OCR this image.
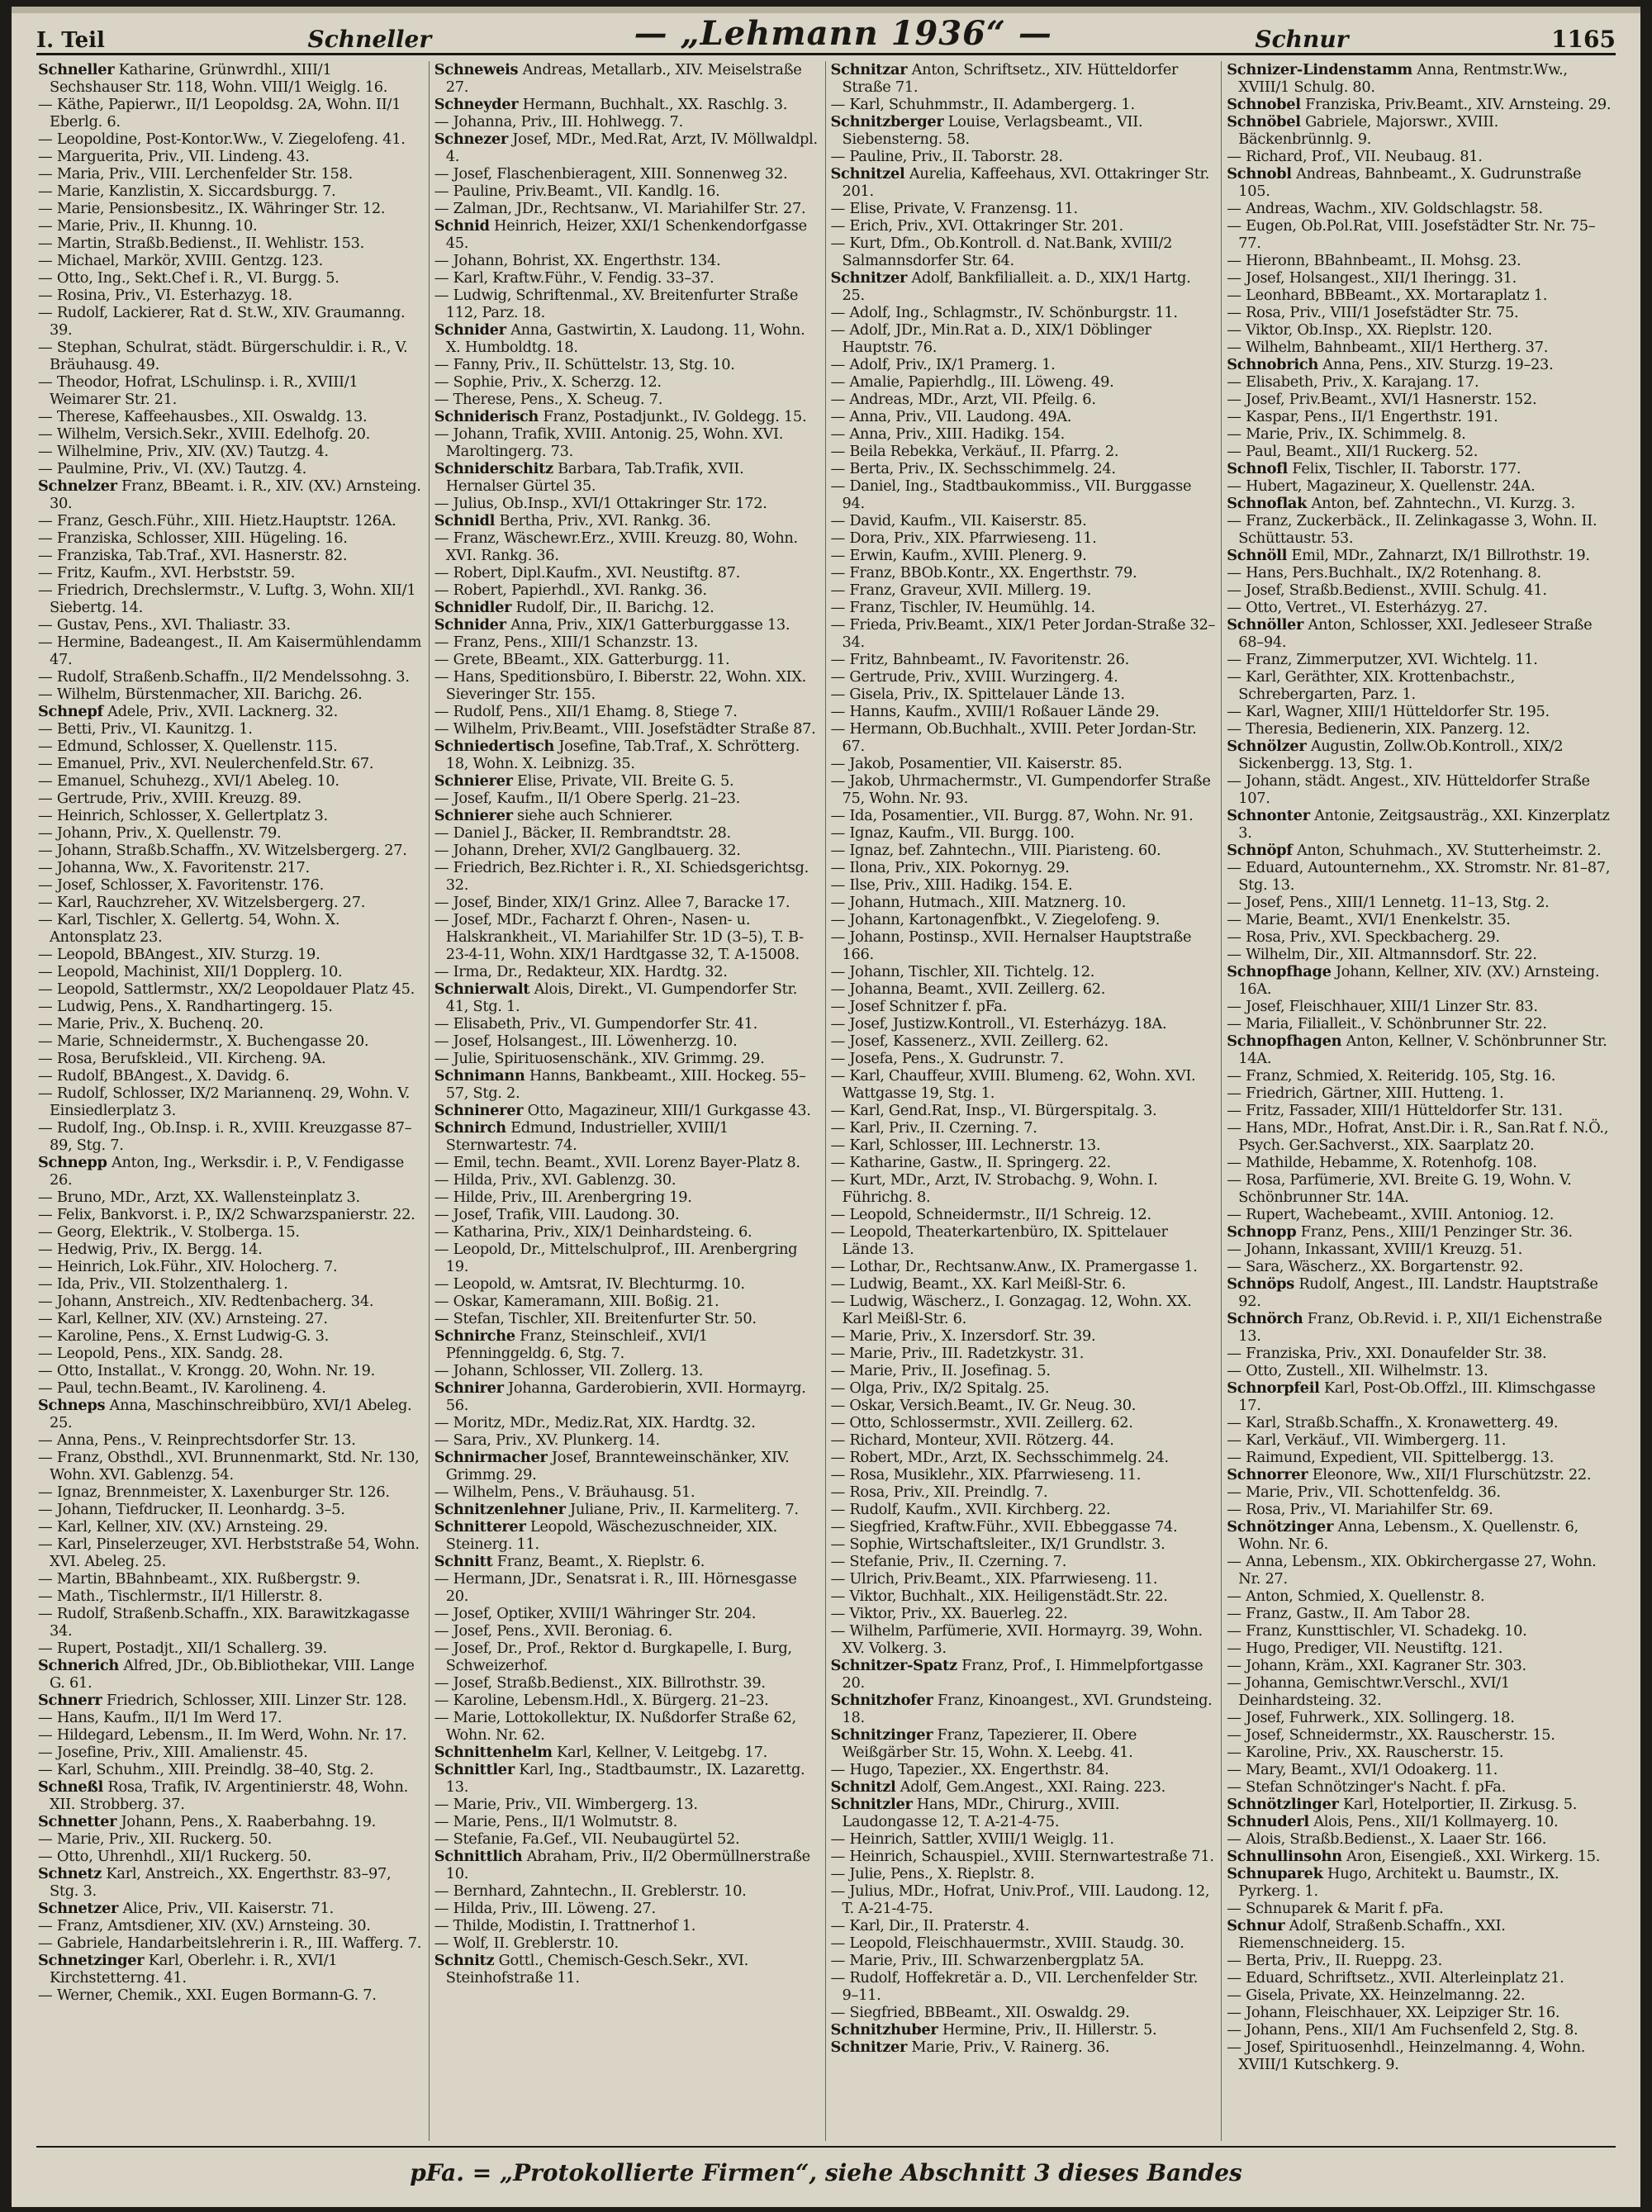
I. Teil	Schneller	— „Lehmann 1936“ —	Schnur	1165

Schneller Katharine, Grünwrdhl., XIII/1 Sechshauser Str. 118, Wohn. VIII/1 Weiglg. 16.

— Käthe, Papierwr., II/1 Leopoldsg. 2A, Wohn. II/1 Eberlg. 6.

— Leopoldine, Post-Kontor.Ww., V. Ziegelofeng. 41.

— Marguerita, Priv., VII. Lindeng. 43.

— Maria, Priv., VIII. Lerchenfelder Str. 158.

— Marie, Kanzlistin, X. Siccardsburgg. 7.

— Marie, Pensionsbesitz., IX. Währinger Str. 12.

— Marie, Priv., II. Khunng. 10.

— Martin, Straßb.Bedienst., II. Wehlistr. 153.

— Michael, Markör, XVIII. Gentzg. 123.

— Otto, Ing., Sekt.Chef i. R., VI. Burgg. 5.

— Rosina, Priv., VI. Esterhazyg. 18.

— Rudolf, Lackierer, Rat d. St.W., XIV. Graumanng. 39.

— Stephan, Schulrat, städt. Bürgerschuldir. i. R., V. Bräuhausg. 49.

— Theodor, Hofrat, LSchulinsp. i. R., XVIII/1 Weimarer Str. 21.

— Therese, Kaffeehausbes., XII. Oswaldg. 13.

— Wilhelm, Versich.Sekr., XVIII. Edelhofg. 20.

— Wilhelmine, Priv., XIV. (XV.) Tautzg. 4.

— Paulmine, Priv., VI. (XV.) Tautzg. 4.

Schnelzer Franz, BBeamt. i. R., XIV. (XV.) Arnsteing. 30.

— Franz, Gesch.Führ., XIII. Hietz.Hauptstr. 126A.

— Franziska, Schlosser, XIII. Hügeling. 16.

— Franziska, Tab.Traf., XVI. Hasnerstr. 82.

— Fritz, Kaufm., XVI. Herbststr. 59.

— Friedrich, Drechslermstr., V. Luftg. 3, Wohn. XII/1 Siebertg. 14.

— Gustav, Pens., XVI. Thaliastr. 33.

— Hermine, Badeangest., II. Am Kaisermühlendamm 47.

— Rudolf, Straßenb.Schaffn., II/2 Mendelssohng. 3.

— Wilhelm, Bürstenmacher, XII. Barichg. 26.

Schnepf Adele, Priv., XVII. Lacknerg. 32.

— Betti, Priv., VI. Kaunitzg. 1.

— Edmund, Schlosser, X. Quellenstr. 115.

— Emanuel, Priv., XVI. Neulerchenfeld.Str. 67.

— Emanuel, Schuhezg., XVI/1 Abeleg. 10.

— Gertrude, Priv., XVIII. Kreuzg. 89.

— Heinrich, Schlosser, X. Gellertplatz 3.

— Johann, Priv., X. Quellenstr. 79.

— Johann, Straßb.Schaffn., XV. Witzelsbergerg. 27.

— Johanna, Ww., X. Favoritenstr. 217.

— Josef, Schlosser, X. Favoritenstr. 176.

— Karl, Rauchzreher, XV. Witzelsbergerg. 27.

— Karl, Tischler, X. Gellertg. 54, Wohn. X. Antonsplatz 23.

— Leopold, BBAngest., XIV. Sturzg. 19.

— Leopold, Machinist, XII/1 Dopplerg. 10.

— Leopold, Sattlermstr., XX/2 Leopoldauer Platz 45.

— Ludwig, Pens., X. Randhartingerg. 15.

— Marie, Priv., X. Buchenq. 20.

— Marie, Schneidermstr., X. Buchengasse 20.

— Rosa, Berufskleid., VII. Kircheng. 9A.

— Rudolf, BBAngest., X. Davidg. 6.

— Rudolf, Schlosser, IX/2 Mariannenq. 29, Wohn. V. Einsiedlerplatz 3.

— Rudolf, Ing., Ob.Insp. i. R., XVIII. Kreuzgasse 87–89, Stg. 7.

Schnepp Anton, Ing., Werksdir. i. P., V. Fendigasse 26.

— Bruno, MDr., Arzt, XX. Wallensteinplatz 3.

— Felix, Bankvorst. i. P., IX/2 Schwarzspanierstr. 22.

— Georg, Elektrik., V. Stolberga. 15.

— Hedwig, Priv., IX. Bergg. 14.

— Heinrich, Lok.Führ., XIV. Holocherg. 7.

— Ida, Priv., VII. Stolzenthalerg. 1.

— Johann, Anstreich., XIV. Redtenbacherg. 34.

— Karl, Kellner, XIV. (XV.) Arnsteing. 27.

— Karoline, Pens., X. Ernst Ludwig-G. 3.

— Leopold, Pens., XIX. Sandg. 28.

— Otto, Installat., V. Krongg. 20, Wohn. Nr. 19.

— Paul, techn.Beamt., IV. Karolineng. 4.

Schneps Anna, Maschinschreibbüro, XVI/1 Abeleg. 25.

— Anna, Pens., V. Reinprechtsdorfer Str. 13.

— Franz, Obsthdl., XVI. Brunnenmarkt, Std. Nr. 130, Wohn. XVI. Gablenzg. 54.

— Ignaz, Brennmeister, X. Laxenburger Str. 126.

— Johann, Tiefdrucker, II. Leonhardg. 3–5.

— Karl, Kellner, XIV. (XV.) Arnsteing. 29.

— Karl, Pinselerzeuger, XVI. Herbststraße 54, Wohn. XVI. Abeleg. 25.

— Martin, BBahnbeamt., XIX. Rußbergstr. 9.

— Math., Tischlermstr., II/1 Hillerstr. 8.

— Rudolf, Straßenb.Schaffn., XIX. Barawitzkagasse 34.

— Rupert, Postadjt., XII/1 Schallerg. 39.

Schnerich Alfred, JDr., Ob.Bibliothekar, VIII. Lange G. 61.

Schnerr Friedrich, Schlosser, XIII. Linzer Str. 128.

— Hans, Kaufm., II/1 Im Werd 17.

— Hildegard, Lebensm., II. Im Werd, Wohn. Nr. 17.

— Josefine, Priv., XIII. Amalienstr. 45.

— Karl, Schuhm., XIII. Preindlg. 38–40, Stg. 2.

Schneßl Rosa, Trafik, IV. Argentinierstr. 48, Wohn. XII. Strobberg. 37.

Schnetter Johann, Pens., X. Raaberbahng. 19.

— Marie, Priv., XII. Ruckerg. 50.

— Otto, Uhrenhdl., XII/1 Ruckerg. 50.

Schnetz Karl, Anstreich., XX. Engerthstr. 83–97, Stg. 3.

Schnetzer Alice, Priv., VII. Kaiserstr. 71.

— Franz, Amtsdiener, XIV. (XV.) Arnsteing. 30.

— Gabriele, Handarbeitslehrerin i. R., III. Wafferg. 7.

Schnetzinger Karl, Oberlehr. i. R., XVI/1 Kirchstetterng. 41.

— Werner, Chemik., XXI. Eugen Bormann-G. 7.

Schneweis Andreas, Metallarb., XIV. Meiselstraße 27.

Schneyder Hermann, Buchhalt., XX. Raschlg. 3.

— Johanna, Priv., III. Hohlwegg. 7.

Schnezer Josef, MDr., Med.Rat, Arzt, IV. Möllwaldpl. 4.

— Josef, Flaschenbieragent, XIII. Sonnenweg 32.

— Pauline, Priv.Beamt., VII. Kandlg. 16.

— Zalman, JDr., Rechtsanw., VI. Mariahilfer Str. 27.

Schnid Heinrich, Heizer, XXI/1 Schenkendorfgasse 45.

— Johann, Bohrist, XX. Engerthstr. 134.

— Karl, Kraftw.Führ., V. Fendig. 33–37.

— Ludwig, Schriftenmal., XV. Breitenfurter Straße 112, Parz. 18.

Schnider Anna, Gastwirtin, X. Laudong. 11, Wohn. X. Humboldtg. 18.

— Fanny, Priv., II. Schüttelstr. 13, Stg. 10.

— Sophie, Priv., X. Scherzg. 12.

— Therese, Pens., X. Scheug. 7.

Schniderisch Franz, Postadjunkt., IV. Goldegg. 15.

— Johann, Trafik, XVIII. Antonig. 25, Wohn. XVI. Maroltingerg. 73.

Schniderschitz Barbara, Tab.Trafik, XVII. Hernalser Gürtel 35.

— Julius, Ob.Insp., XVI/1 Ottakringer Str. 172.

Schnidl Bertha, Priv., XVI. Rankg. 36.

— Franz, Wäschewr.Erz., XVIII. Kreuzg. 80, Wohn. XVI. Rankg. 36.

— Robert, Dipl.Kaufm., XVI. Neustiftg. 87.

— Robert, Papierhdl., XVI. Rankg. 36.

Schnidler Rudolf, Dir., II. Barichg. 12.

Schnider Anna, Priv., XIX/1 Gatterburggasse 13.

— Franz, Pens., XIII/1 Schanzstr. 13.

— Grete, BBeamt., XIX. Gatterburgg. 11.

— Hans, Speditionsbüro, I. Biberstr. 22, Wohn. XIX. Sieveringer Str. 155.

— Rudolf, Pens., XII/1 Ehamg. 8, Stiege 7.

— Wilhelm, Priv.Beamt., VIII. Josefstädter Straße 87.

Schniedertisch Josefine, Tab.Traf., X. Schrötterg. 18, Wohn. X. Leibnizg. 35.

Schnierer Elise, Private, VII. Breite G. 5.

— Josef, Kaufm., II/1 Obere Sperlg. 21–23.

Schnierer siehe auch Schnierer.

— Daniel J., Bäcker, II. Rembrandtstr. 28.

— Johann, Dreher, XVI/2 Ganglbauerg. 32.

— Friedrich, Bez.Richter i. R., XI. Schiedsgerichtsg. 32.

— Josef, Binder, XIX/1 Grinz. Allee 7, Baracke 17.

— Josef, MDr., Facharzt f. Ohren-, Nasen- u. Halskrankheit., VI. Mariahilfer Str. 1D (3–5), T. B-23-4-11, Wohn. XIX/1 Hardtgasse 32, T. A-15008.

— Irma, Dr., Redakteur, XIX. Hardtg. 32.

Schnierwalt Alois, Direkt., VI. Gumpendorfer Str. 41, Stg. 1.

— Elisabeth, Priv., VI. Gumpendorfer Str. 41.

— Josef, Holsangest., III. Löwenherzg. 10.

— Julie, Spirituosenschänk., XIV. Grimmg. 29.

Schnimann Hanns, Bankbeamt., XIII. Hockeg. 55–57, Stg. 2.

Schninerer Otto, Magazineur, XIII/1 Gurkgasse 43.

Schnirch Edmund, Industrieller, XVIII/1 Sternwartestr. 74.

— Emil, techn. Beamt., XVII. Lorenz Bayer-Platz 8.

— Hilda, Priv., XVI. Gablenzg. 30.

— Hilde, Priv., III. Arenbergring 19.

— Josef, Trafik, VIII. Laudong. 30.

— Katharina, Priv., XIX/1 Deinhardsteing. 6.

— Leopold, Dr., Mittelschulprof., III. Arenbergring 19.

— Leopold, w. Amtsrat, IV. Blechturmg. 10.

— Oskar, Kameramann, XIII. Boßig. 21.

— Stefan, Tischler, XII. Breitenfurter Str. 50.

Schnirche Franz, Steinschleif., XVI/1 Pfenninggeldg. 6, Stg. 7.

— Johann, Schlosser, VII. Zollerg. 13.

Schnirer Johanna, Garderobierin, XVII. Hormayrg. 56.

— Moritz, MDr., Mediz.Rat, XIX. Hardtg. 32.

— Sara, Priv., XV. Plunkerg. 14.

Schnirmacher Josef, Brannteweinschänker, XIV. Grimmg. 29.

— Wilhelm, Pens., V. Bräuhausg. 51.

Schnitzenlehner Juliane, Priv., II. Karmeliterg. 7.

Schnitterer Leopold, Wäschezuschneider, XIX. Steinerg. 11.

Schnitt Franz, Beamt., X. Rieplstr. 6.

— Hermann, JDr., Senatsrat i. R., III. Hörnesgasse 20.

— Josef, Optiker, XVIII/1 Währinger Str. 204.

— Josef, Pens., XVII. Beroniag. 6.

— Josef, Dr., Prof., Rektor d. Burgkapelle, I. Burg, Schweizerhof.

— Josef, Straßb.Bedienst., XIX. Billrothstr. 39.

— Karoline, Lebensm.Hdl., X. Bürgerg. 21–23.

— Marie, Lottokollektur, IX. Nußdorfer Straße 62, Wohn. Nr. 62.

Schnittenhelm Karl, Kellner, V. Leitgebg. 17.

Schnittler Karl, Ing., Stadtbaumstr., IX. Lazarettg. 13.

— Marie, Priv., VII. Wimbergerg. 13.

— Marie, Pens., II/1 Wolmutstr. 8.

— Stefanie, Fa.Gef., VII. Neubaugürtel 52.

Schnittlich Abraham, Priv., II/2 Obermüllnerstraße 10.

— Bernhard, Zahntechn., II. Greblerstr. 10.

— Hilda, Priv., III. Löweng. 27.

— Thilde, Modistin, I. Trattnerhof 1.

— Wolf, II. Greblerstr. 10.

Schnitz Gottl., Chemisch-Gesch.Sekr., XVI. Steinhofstraße 11.

Schnitzar Anton, Schriftsetz., XIV. Hütteldorfer Straße 71.

— Karl, Schuhmmstr., II. Adambergerg. 1.

Schnitzberger Louise, Verlagsbeamt., VII. Siebensterng. 58.

— Pauline, Priv., II. Taborstr. 28.

Schnitzel Aurelia, Kaffeehaus, XVI. Ottakringer Str. 201.

— Elise, Private, V. Franzensg. 11.

— Erich, Priv., XVI. Ottakringer Str. 201.

— Kurt, Dfm., Ob.Kontroll. d. Nat.Bank, XVIII/2 Salmannsdorfer Str. 64.

Schnitzer Adolf, Bankfilialleit. a. D., XIX/1 Hartg. 25.

— Adolf, Ing., Schlagmstr., IV. Schönburgstr. 11.

— Adolf, JDr., Min.Rat a. D., XIX/1 Döblinger Hauptstr. 76.

— Adolf, Priv., IX/1 Pramerg. 1.

— Amalie, Papierhdlg., III. Löweng. 49.

— Andreas, MDr., Arzt, VII. Pfeilg. 6.

— Anna, Priv., VII. Laudong. 49A.

— Anna, Priv., XIII. Hadikg. 154.

— Beila Rebekka, Verkäuf., II. Pfarrg. 2.

— Berta, Priv., IX. Sechsschimmelg. 24.

— Daniel, Ing., Stadtbaukommiss., VII. Burggasse 94.

— David, Kaufm., VII. Kaiserstr. 85.

— Dora, Priv., XIX. Pfarrwieseng. 11.

— Erwin, Kaufm., XVIII. Plenerg. 9.

— Franz, BBOb.Kontr., XX. Engerthstr. 79.

— Franz, Graveur, XVII. Millerg. 19.

— Franz, Tischler, IV. Heumühlg. 14.

— Frieda, Priv.Beamt., XIX/1 Peter Jordan-Straße 32–34.

— Fritz, Bahnbeamt., IV. Favoritenstr. 26.

— Gertrude, Priv., XVIII. Wurzingerg. 4.

— Gisela, Priv., IX. Spittelauer Lände 13.

— Hanns, Kaufm., XVIII/1 Roßauer Lände 29.

— Hermann, Ob.Buchhalt., XVIII. Peter Jordan-Str. 67.

— Jakob, Posamentier, VII. Kaiserstr. 85.

— Jakob, Uhrmachermstr., VI. Gumpendorfer Straße 75, Wohn. Nr. 93.

— Ida, Posamentier., VII. Burgg. 87, Wohn. Nr. 91.

— Ignaz, Kaufm., VII. Burgg. 100.

— Ignaz, bef. Zahntechn., VIII. Piaristeng. 60.

— Ilona, Priv., XIX. Pokornyg. 29.

— Ilse, Priv., XIII. Hadikg. 154. E.

— Johann, Hutmach., XIII. Matznerg. 10.

— Johann, Kartonagenfbkt., V. Ziegelofeng. 9.

— Johann, Postinsp., XVII. Hernalser Hauptstraße 166.

— Johann, Tischler, XII. Tichtelg. 12.

— Johanna, Beamt., XVII. Zeillerg. 62.

— Josef Schnitzer f. pFa.

— Josef, Justizw.Kontroll., VI. Esterházyg. 18A.

— Josef, Kassenerz., XVII. Zeillerg. 62.

— Josefa, Pens., X. Gudrunstr. 7.

— Karl, Chauffeur, XVIII. Blumeng. 62, Wohn. XVI. Wattgasse 19, Stg. 1.

— Karl, Gend.Rat, Insp., VI. Bürgerspitalg. 3.

— Karl, Priv., II. Czerning. 7.

— Karl, Schlosser, III. Lechnerstr. 13.

— Katharine, Gastw., II. Springerg. 22.

— Kurt, MDr., Arzt, IV. Strobachg. 9, Wohn. I. Führichg. 8.

— Leopold, Schneidermstr., II/1 Schreig. 12.

— Leopold, Theaterkartenbüro, IX. Spittelauer Lände 13.

— Lothar, Dr., Rechtsanw.Anw., IX. Pramergasse 1.

— Ludwig, Beamt., XX. Karl Meißl-Str. 6.

— Ludwig, Wäscherz., I. Gonzagag. 12, Wohn. XX. Karl Meißl-Str. 6.

— Marie, Priv., X. Inzersdorf. Str. 39.

— Marie, Priv., III. Radetzkystr. 31.

— Marie, Priv., II. Josefinag. 5.

— Olga, Priv., IX/2 Spitalg. 25.

— Oskar, Versich.Beamt., IV. Gr. Neug. 30.

— Otto, Schlossermstr., XVII. Zeillerg. 62.

— Richard, Monteur, XVII. Rötzerg. 44.

— Robert, MDr., Arzt, IX. Sechsschimmelg. 24.

— Rosa, Musiklehr., XIX. Pfarrwieseng. 11.

— Rosa, Priv., XII. Preindlg. 7.

— Rudolf, Kaufm., XVII. Kirchberg. 22.

— Siegfried, Kraftw.Führ., XVII. Ebbeggasse 74.

— Sophie, Wirtschaftsleiter., IX/1 Grundlstr. 3.

— Stefanie, Priv., II. Czerning. 7.

— Ulrich, Priv.Beamt., XIX. Pfarrwieseng. 11.

— Viktor, Buchhalt., XIX. Heiligenstädt.Str. 22.

— Viktor, Priv., XX. Bauerleg. 22.

— Wilhelm, Parfümerie, XVII. Hormayrg. 39, Wohn. XV. Volkerg. 3.

Schnitzer-Spatz Franz, Prof., I. Himmelpfortgasse 20.

Schnitzhofer Franz, Kinoangest., XVI. Grundsteing. 18.

Schnitzinger Franz, Tapezierer, II. Obere Weißgärber Str. 15, Wohn. X. Leebg. 41.

— Hugo, Tapezier., XX. Engerthstr. 84.

Schnitzl Adolf, Gem.Angest., XXI. Raing. 223.

Schnitzler Hans, MDr., Chirurg., XVIII. Laudongasse 12, T. A-21-4-75.

— Heinrich, Sattler, XVIII/1 Weiglg. 11.

— Heinrich, Schauspiel., XVIII. Sternwartestraße 71.

— Julie, Pens., X. Rieplstr. 8.

— Julius, MDr., Hofrat, Univ.Prof., VIII. Laudong. 12, T. A-21-4-75.

— Karl, Dir., II. Praterstr. 4.

— Leopold, Fleischhauermstr., XVIII. Staudg. 30.

— Marie, Priv., III. Schwarzenbergplatz 5A.

— Rudolf, Hoffekretär a. D., VII. Lerchenfelder Str. 9–11.

— Siegfried, BBBeamt., XII. Oswaldg. 29.

Schnitzhuber Hermine, Priv., II. Hillerstr. 5.

Schnitzer Marie, Priv., V. Rainerg. 36.

Schnizer-Lindenstamm Anna, Rentmstr.Ww., XVIII/1 Schulg. 80.

Schnobel Franziska, Priv.Beamt., XIV. Arnsteing. 29.

Schnöbel Gabriele, Majorswr., XVIII. Bäckenbrünnlg. 9.

— Richard, Prof., VII. Neubaug. 81.

Schnobl Andreas, Bahnbeamt., X. Gudrunstraße 105.

— Andreas, Wachm., XIV. Goldschlagstr. 58.

— Eugen, Ob.Pol.Rat, VIII. Josefstädter Str. Nr. 75–77.

— Hieronn, BBahnbeamt., II. Mohsg. 23.

— Josef, Holsangest., XII/1 Iheringg. 31.

— Leonhard, BBBeamt., XX. Mortaraplatz 1.

— Rosa, Priv., VIII/1 Josefstädter Str. 75.

— Viktor, Ob.Insp., XX. Rieplstr. 120.

— Wilhelm, Bahnbeamt., XII/1 Hertherg. 37.

Schnobrich Anna, Pens., XIV. Sturzg. 19–23.

— Elisabeth, Priv., X. Karajang. 17.

— Josef, Priv.Beamt., XVI/1 Hasnerstr. 152.

— Kaspar, Pens., II/1 Engerthstr. 191.

— Marie, Priv., IX. Schimmelg. 8.

— Paul, Beamt., XII/1 Ruckerg. 52.

Schnofl Felix, Tischler, II. Taborstr. 177.

— Hubert, Magazineur, X. Quellenstr. 24A.

Schnoflak Anton, bef. Zahntechn., VI. Kurzg. 3.

— Franz, Zuckerbäck., II. Zelinkagasse 3, Wohn. II. Schüttaustr. 53.

Schnöll Emil, MDr., Zahnarzt, IX/1 Billrothstr. 19.

— Hans, Pers.Buchhalt., IX/2 Rotenhang. 8.

— Josef, Straßb.Bedienst., XVIII. Schulg. 41.

— Otto, Vertret., VI. Esterházyg. 27.

Schnöller Anton, Schlosser, XXI. Jedleseer Straße 68–94.

— Franz, Zimmerputzer, XVI. Wichtelg. 11.

— Karl, Geräthter, XIX. Krottenbachstr., Schrebergarten, Parz. 1.

— Karl, Wagner, XIII/1 Hütteldorfer Str. 195.

— Theresia, Bedienerin, XIX. Panzerg. 12.

Schnölzer Augustin, Zollw.Ob.Kontroll., XIX/2 Sickenbergg. 13, Stg. 1.

— Johann, städt. Angest., XIV. Hütteldorfer Straße 107.

Schnonter Antonie, Zeitgsausträg., XXI. Kinzerplatz 3.

Schnöpf Anton, Schuhmach., XV. Stutterheimstr. 2.

— Eduard, Autounternehm., XX. Stromstr. Nr. 81–87, Stg. 13.

— Josef, Pens., XIII/1 Lennetg. 11–13, Stg. 2.

— Marie, Beamt., XVI/1 Enenkelstr. 35.

— Rosa, Priv., XVI. Speckbacherg. 29.

— Wilhelm, Dir., XII. Altmannsdorf. Str. 22.

Schnopfhage Johann, Kellner, XIV. (XV.) Arnsteing. 16A.

— Josef, Fleischhauer, XIII/1 Linzer Str. 83.

— Maria, Filialleit., V. Schönbrunner Str. 22.

Schnopfhagen Anton, Kellner, V. Schönbrunner Str. 14A.

— Franz, Schmied, X. Reiteridg. 105, Stg. 16.

— Friedrich, Gärtner, XIII. Hutteng. 1.

— Fritz, Fassader, XIII/1 Hütteldorfer Str. 131.

— Hans, MDr., Hofrat, Anst.Dir. i. R., San.Rat f. N.Ö., Psych. Ger.Sachverst., XIX. Saarplatz 20.

— Mathilde, Hebamme, X. Rotenhofg. 108.

— Rosa, Parfümerie, XVI. Breite G. 19, Wohn. V. Schönbrunner Str. 14A.

— Rupert, Wachebeamt., XVIII. Antoniog. 12.

Schnopp Franz, Pens., XIII/1 Penzinger Str. 36.

— Johann, Inkassant, XVIII/1 Kreuzg. 51.

— Sara, Wäscherz., XX. Borgartenstr. 92.

Schnöps Rudolf, Angest., III. Landstr. Hauptstraße 92.

Schnörch Franz, Ob.Revid. i. P., XII/1 Eichenstraße 13.

— Franziska, Priv., XXI. Donaufelder Str. 38.

— Otto, Zustell., XII. Wilhelmstr. 13.

Schnorpfeil Karl, Post-Ob.Offzl., III. Klimschgasse 17.

— Karl, Straßb.Schaffn., X. Kronawetterg. 49.

— Karl, Verkäuf., VII. Wimbergerg. 11.

— Raimund, Expedient, VII. Spittelbergg. 13.

Schnorrer Eleonore, Ww., XII/1 Flurschützstr. 22.

— Marie, Priv., VII. Schottenfeldg. 36.

— Rosa, Priv., VI. Mariahilfer Str. 69.

Schnötzinger Anna, Lebensm., X. Quellenstr. 6, Wohn. Nr. 6.

— Anna, Lebensm., XIX. Obkirchergasse 27, Wohn. Nr. 27.

— Anton, Schmied, X. Quellenstr. 8.

— Franz, Gastw., II. Am Tabor 28.

— Franz, Kunsttischler, VI. Schadekg. 10.

— Hugo, Prediger, VII. Neustiftg. 121.

— Johann, Kräm., XXI. Kagraner Str. 303.

— Johanna, Gemischtwr.Verschl., XVI/1 Deinhardsteing. 32.

— Josef, Fuhrwerk., XIX. Sollingerg. 18.

— Josef, Schneidermstr., XX. Rauscherstr. 15.

— Karoline, Priv., XX. Rauscherstr. 15.

— Mary, Beamt., XVI/1 Odoakerg. 11.

— Stefan Schnötzinger's Nacht. f. pFa.

Schnötzlinger Karl, Hotelportier, II. Zirkusg. 5.

Schnuderl Alois, Pens., XII/1 Kollmayerg. 10.

— Alois, Straßb.Bedienst., X. Laaer Str. 166.

Schnullinsohn Aron, Eisengieß., XXI. Wirkerg. 15.

Schnuparek Hugo, Architekt u. Baumstr., IX. Pyrkerg. 1.

— Schnuparek & Marit f. pFa.

Schnur Adolf, Straßenb.Schaffn., XXI. Riemenschneiderg. 15.

— Berta, Priv., II. Rueppg. 23.

— Eduard, Schriftsetz., XVII. Alterleinplatz 21.

— Gisela, Private, XX. Heinzelmanng. 22.

— Johann, Fleischhauer, XX. Leipziger Str. 16.

— Johann, Pens., XII/1 Am Fuchsenfeld 2, Stg. 8.

— Josef, Spirituosenhdl., Heinzelmanng. 4, Wohn. XVIII/1 Kutschkerg. 9.

pFa. = „Protokollierte Firmen“, siehe Abschnitt 3 dieses Bandes
